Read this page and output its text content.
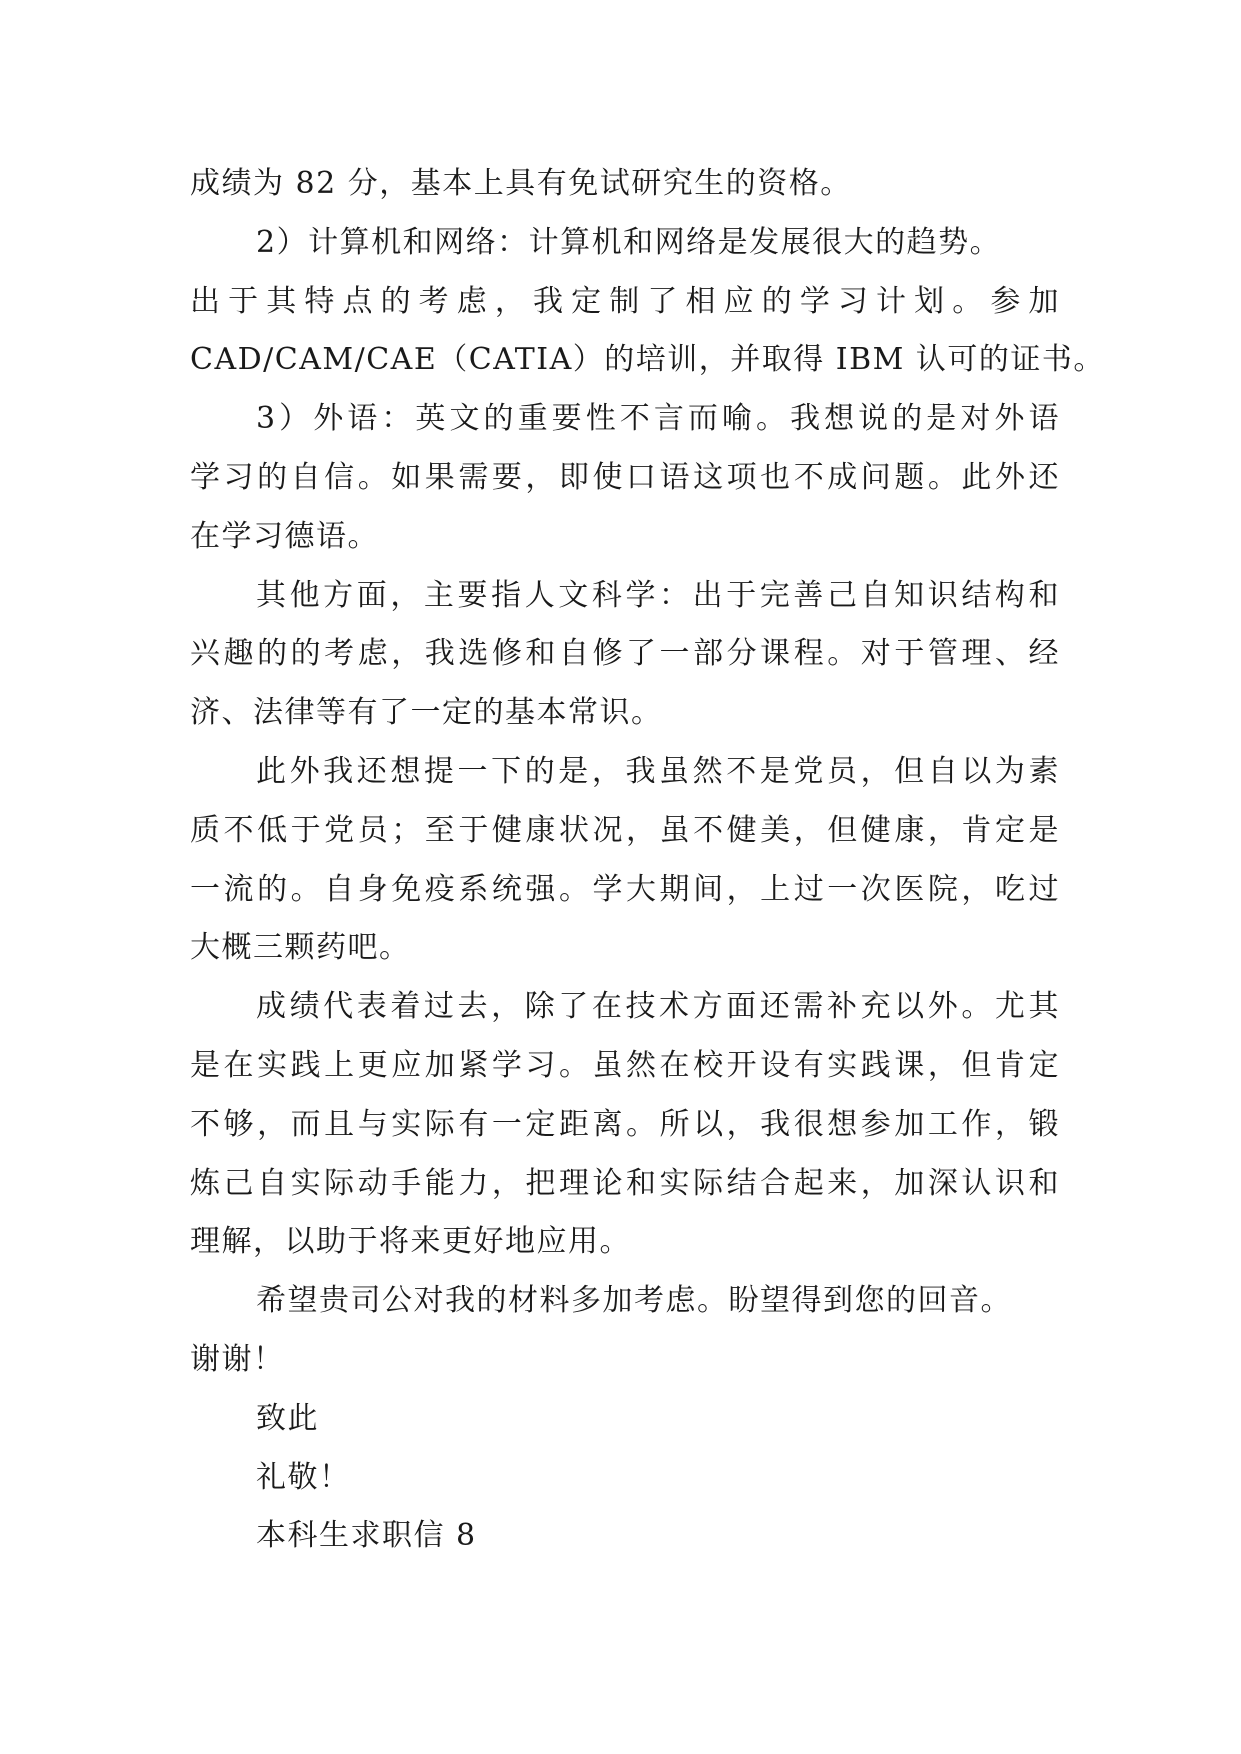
成绩为 82 分，基本上具有免试研究生的资格。
2）计算机和网络：计算机和网络是发展很大的趋势。
出于其特点的考虑，我定制了相应的学习计划。参加
CAD/CAM/CAE（CATIA）的培训，并取得 IBM 认可的证书。
3）外语：英文的重要性不言而喻。我想说的是对外语
学习的自信。如果需要，即使口语这项也不成问题。此外还
在学习德语。
其他方面，主要指人文科学：出于完善己自知识结构和
兴趣的的考虑，我选修和自修了一部分课程。对于管理、经
济、法律等有了一定的基本常识。
此外我还想提一下的是，我虽然不是党员，但自以为素
质不低于党员；至于健康状况，虽不健美，但健康，肯定是
一流的。自身免疫系统强。学大期间，上过一次医院，吃过
大概三颗药吧。
成绩代表着过去，除了在技术方面还需补充以外。尤其
是在实践上更应加紧学习。虽然在校开设有实践课，但肯定
不够，而且与实际有一定距离。所以，我很想参加工作，锻
炼己自实际动手能力，把理论和实际结合起来，加深认识和
理解，以助于将来更好地应用。
希望贵司公对我的材料多加考虑。盼望得到您的回音。
谢谢！
致此
礼敬！
本科生求职信 8
